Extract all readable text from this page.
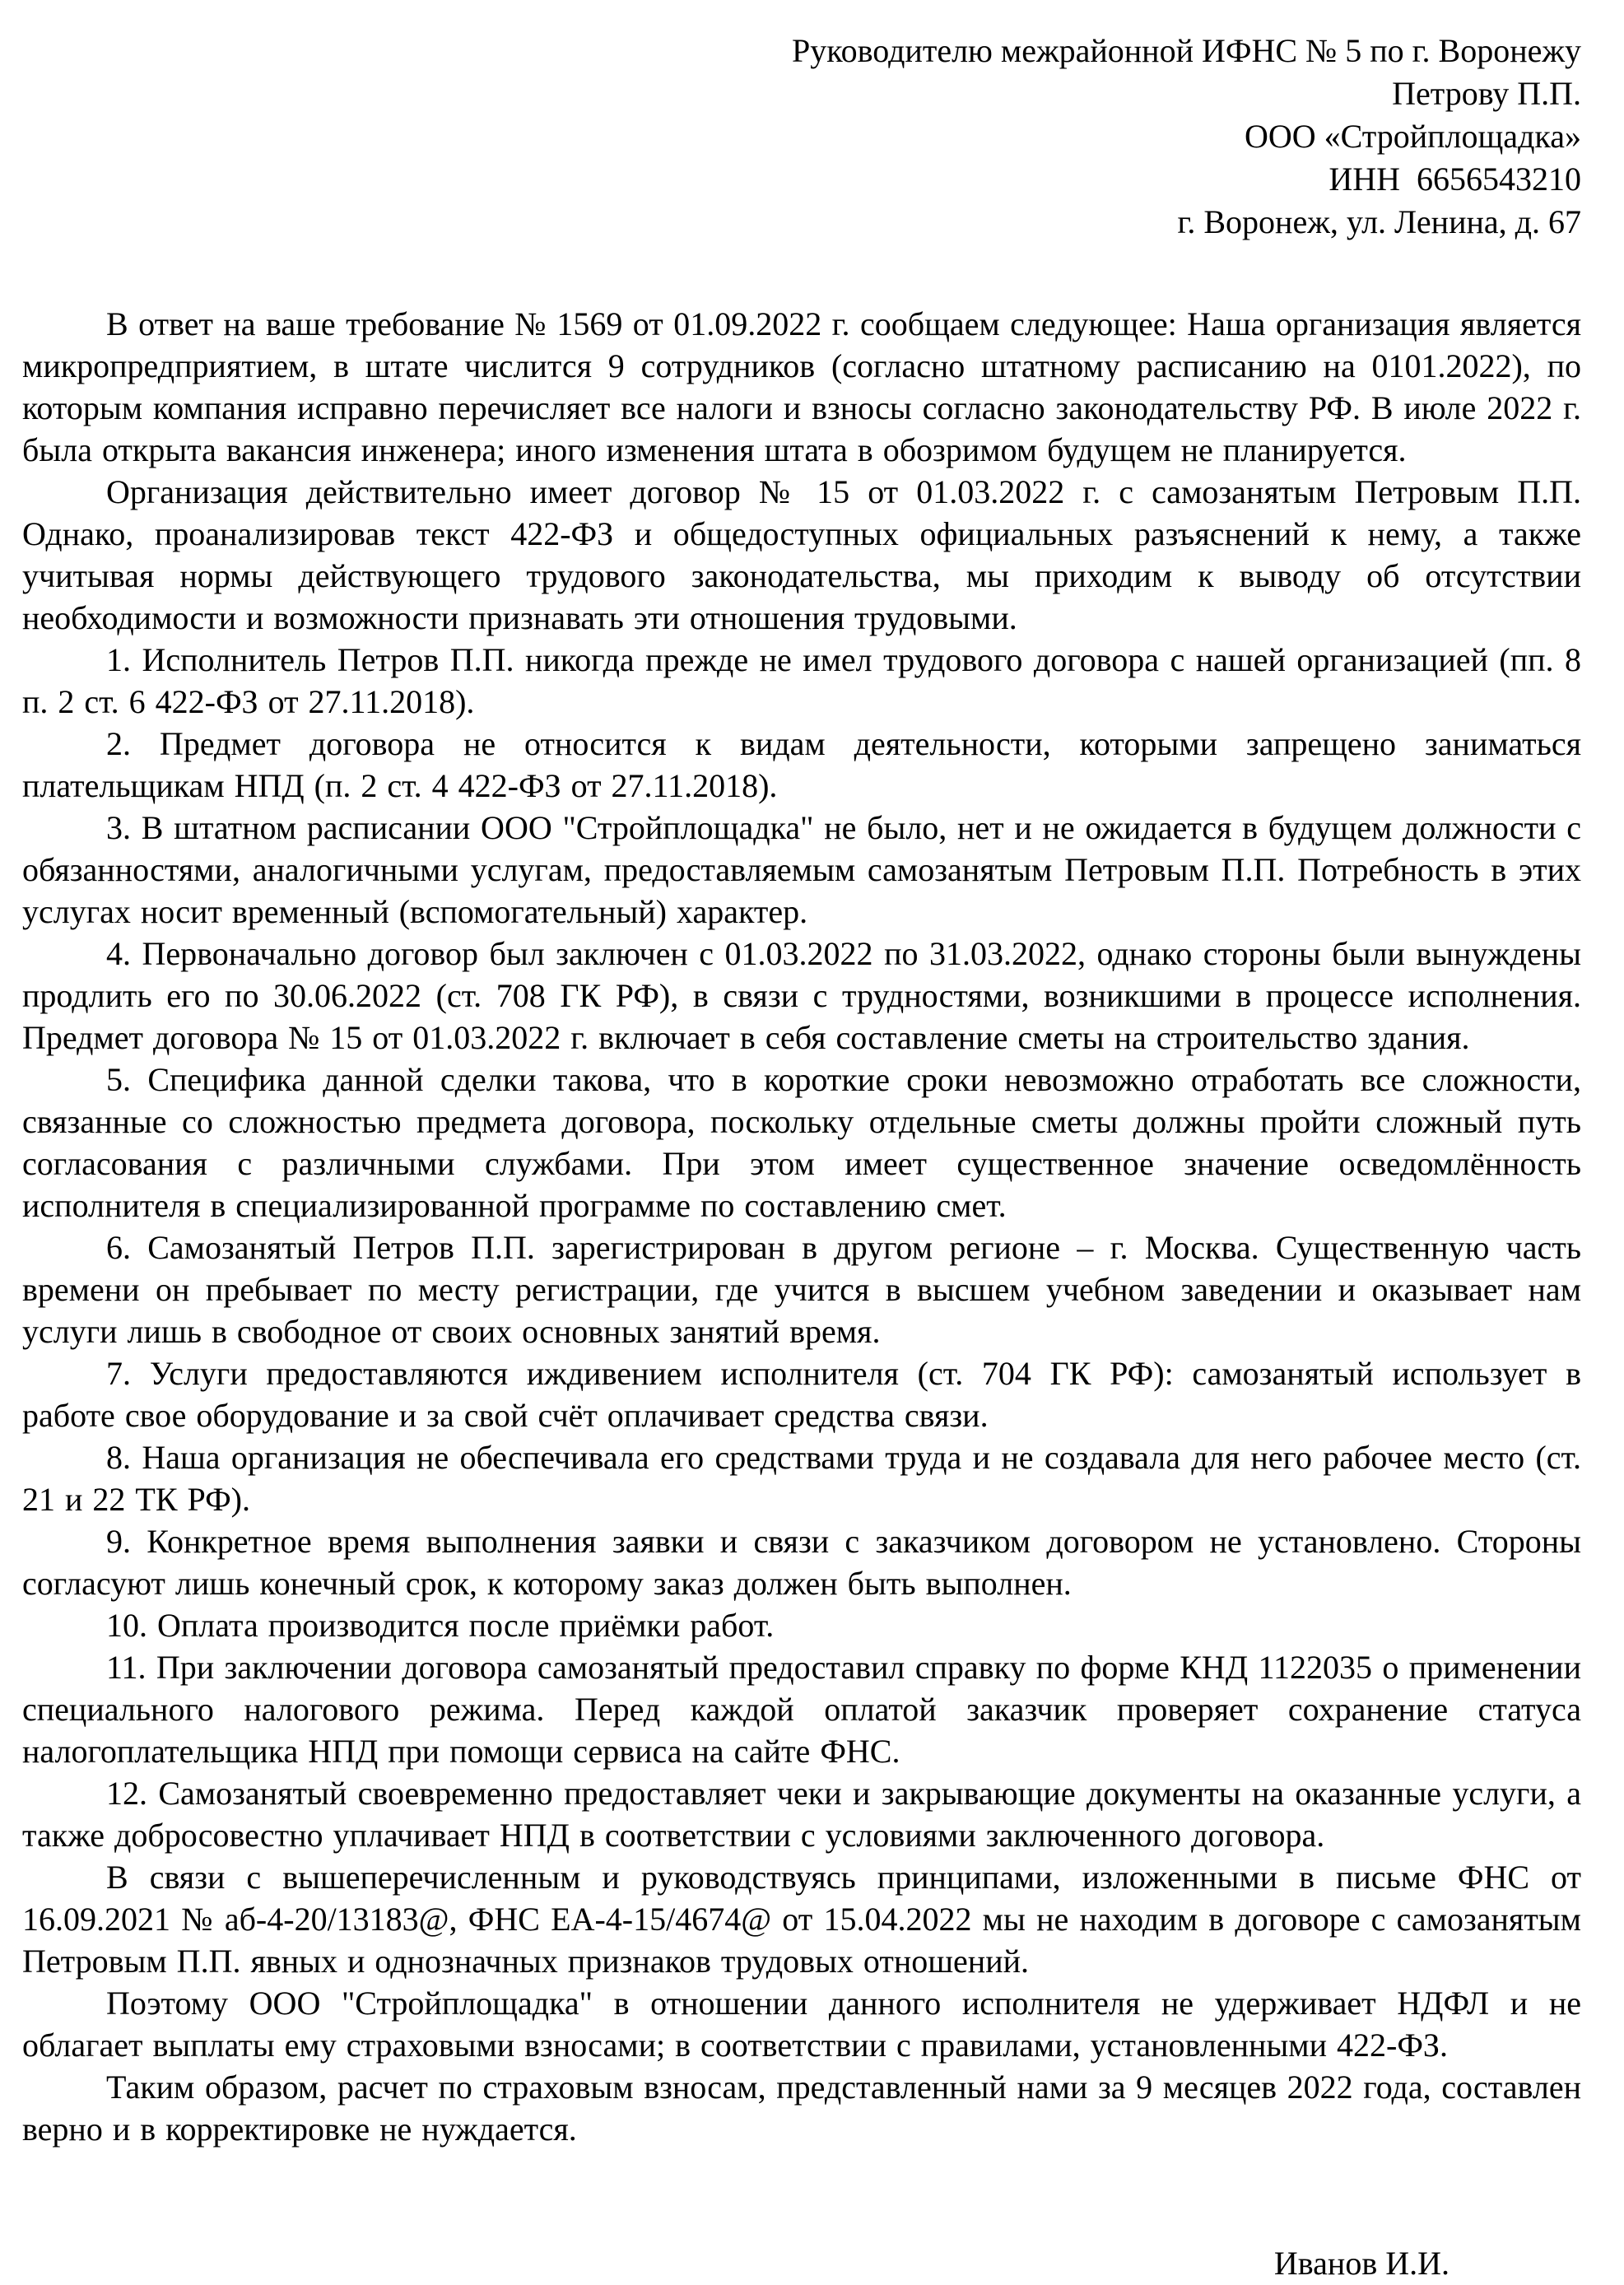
Руководителю межрайонной ИФНС № 5 по г. Воронежу
Петрову П.П.
ООО «Стройплощадка»
ИНН  6656543210
г. Воронеж, ул. Ленина, д. 67

В ответ на ваше требование № 1569 от 01.09.2022 г. сообщаем следующее: Наша организация является микропредприятием, в штате числится 9 сотрудников (согласно штатному расписанию на 0101.2022), по которым компания исправно перечисляет все налоги и взносы согласно законодательству РФ. В июле 2022 г. была открыта вакансия инженера; иного изменения штата в обозримом будущем не планируется.

Организация действительно имеет договор № 15 от 01.03.2022 г. с самозанятым Петровым П.П. Однако, проанализировав текст 422-ФЗ и общедоступных официальных разъяснений к нему, а также учитывая нормы действующего трудового законодательства, мы приходим к выводу об отсутствии необходимости и возможности признавать эти отношения трудовыми.

1. Исполнитель Петров П.П. никогда прежде не имел трудового договора с нашей организацией (пп. 8 п. 2 ст. 6 422-ФЗ от 27.11.2018).

2. Предмет договора не относится к видам деятельности, которыми запрещено заниматься плательщикам НПД (п. 2 ст. 4 422-ФЗ от 27.11.2018).

3. В штатном расписании ООО "Стройплощадка" не было, нет и не ожидается в будущем должности с обязанностями, аналогичными услугам, предоставляемым самозанятым Петровым П.П. Потребность в этих услугах носит временный (вспомогательный) характер.

4. Первоначально договор был заключен с 01.03.2022 по 31.03.2022, однако стороны были вынуждены продлить его по 30.06.2022 (ст. 708 ГК РФ), в связи с трудностями, возникшими в процессе исполнения. Предмет договора № 15 от 01.03.2022 г. включает в себя составление сметы на строительство здания.

5. Специфика данной сделки такова, что в короткие сроки невозможно отработать все сложности, связанные со сложностью предмета договора, поскольку отдельные сметы должны пройти сложный путь согласования с различными службами. При этом имеет существенное значение осведомлённость исполнителя в специализированной программе по составлению смет.

6. Самозанятый Петров П.П. зарегистрирован в другом регионе – г. Москва. Существенную часть времени он пребывает по месту регистрации, где учится в высшем учебном заведении и оказывает нам услуги лишь в свободное от своих основных занятий время.

7. Услуги предоставляются иждивением исполнителя (ст. 704 ГК РФ): самозанятый использует в работе свое оборудование и за свой счёт оплачивает средства связи.

8. Наша организация не обеспечивала его средствами труда и не создавала для него рабочее место (ст. 21 и 22 ТК РФ).

9. Конкретное время выполнения заявки и связи с заказчиком договором не установлено. Стороны согласуют лишь конечный срок, к которому заказ должен быть выполнен.

10. Оплата производится после приёмки работ.

11. При заключении договора самозанятый предоставил справку по форме КНД 1122035 о применении специального налогового режима. Перед каждой оплатой заказчик проверяет сохранение статуса налогоплательщика НПД при помощи сервиса на сайте ФНС.

12. Самозанятый своевременно предоставляет чеки и закрывающие документы на оказанные услуги, а также добросовестно уплачивает НПД в соответствии с условиями заключенного договора.

В связи с вышеперечисленным и руководствуясь принципами, изложенными в письме ФНС от 16.09.2021 № аб-4-20/13183@, ФНС ЕА-4-15/4674@ от 15.04.2022 мы не находим в договоре с самозанятым Петровым П.П. явных и однозначных признаков трудовых отношений.

Поэтому ООО "Стройплощадка" в отношении данного исполнителя не удерживает НДФЛ и не облагает выплаты ему страховыми взносами; в соответствии с правилами, установленными 422-ФЗ.

Таким образом, расчет по страховым взносам, представленный нами за 9 месяцев 2022 года, составлен верно и в корректировке не нуждается.

Иванов И.И.
